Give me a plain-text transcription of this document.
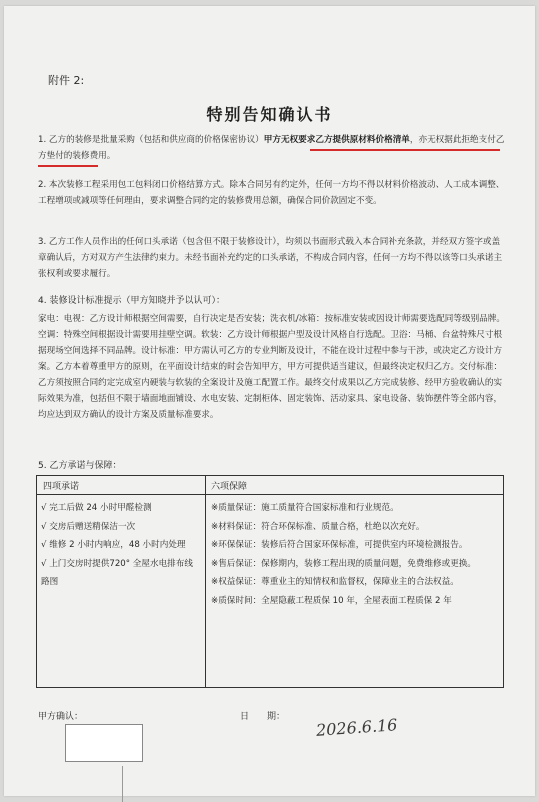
附件 2:
特别告知确认书
1. 乙方的装修是批量采购（包括和供应商的价格保密协议）甲方无权要求乙方提供原材料价格清单，亦无权据此拒绝支付乙方垫付的装修费用。
2. 本次装修工程采用包工包料闭口价格结算方式。除本合同另有约定外，任何一方均不得以材料价格波动、人工成本调整、工程增项或减项等任何理由，要求调整合同约定的装修费用总额，确保合同价款固定不变。
3. 乙方工作人员作出的任何口头承诺（包含但不限于装修设计），均须以书面形式载入本合同补充条款，并经双方签字或盖章确认后，方对双方产生法律约束力。未经书面补充约定的口头承诺，不构成合同内容，任何一方均不得以该等口头承诺主张权利或要求履行。
4. 装修设计标准提示（甲方知晓并予以认可）：
家电：电视：乙方设计师根据空间需要，自行决定是否安装；洗衣机/冰箱：按标准安装或因设计师需要选配同等级别品牌。空调：特殊空间根据设计需要用挂壁空调。软装：乙方设计师根据户型及设计风格自行选配。卫浴：马桶、台盆特殊尺寸根据现场空间选择不同品牌。设计标准：甲方需认可乙方的专业判断及设计，不能在设计过程中参与干涉，或决定乙方设计方案。乙方本着尊重甲方的原则，在平面设计结束的时会告知甲方，甲方可提供适当建议，但最终决定权归乙方。交付标准：乙方须按照合同约定完成室内硬装与软装的全案设计及施工配置工作。最终交付成果以乙方完成装修、经甲方验收确认的实际效果为准，包括但不限于墙面地面铺设、水电安装、定制柜体、固定装饰、活动家具、家电设备、装饰摆件等全部内容，均应达到双方确认的设计方案及质量标准要求。
5. 乙方承诺与保障：
四项承诺	六项保障
√ 完工后做 24 小时甲醛检测
√ 交房后赠送精保洁一次
√ 维修 2 小时内响应，48 小时内处理
√ 上门交房时提供720° 全屋水电排布线路图
※质量保证：施工质量符合国家标准和行业规范。
※材料保证：符合环保标准、质量合格，杜绝以次充好。
※环保保证：装修后符合国家环保标准，可提供室内环境检测报告。
※售后保证：保修期内，装修工程出现的质量问题，免费维修或更换。
※权益保证：尊重业主的知情权和监督权，保障业主的合法权益。
※质保时间：全屋隐蔽工程质保 10 年，全屋表面工程质保 2 年
甲方确认：	日　　期： 2026.6.16
